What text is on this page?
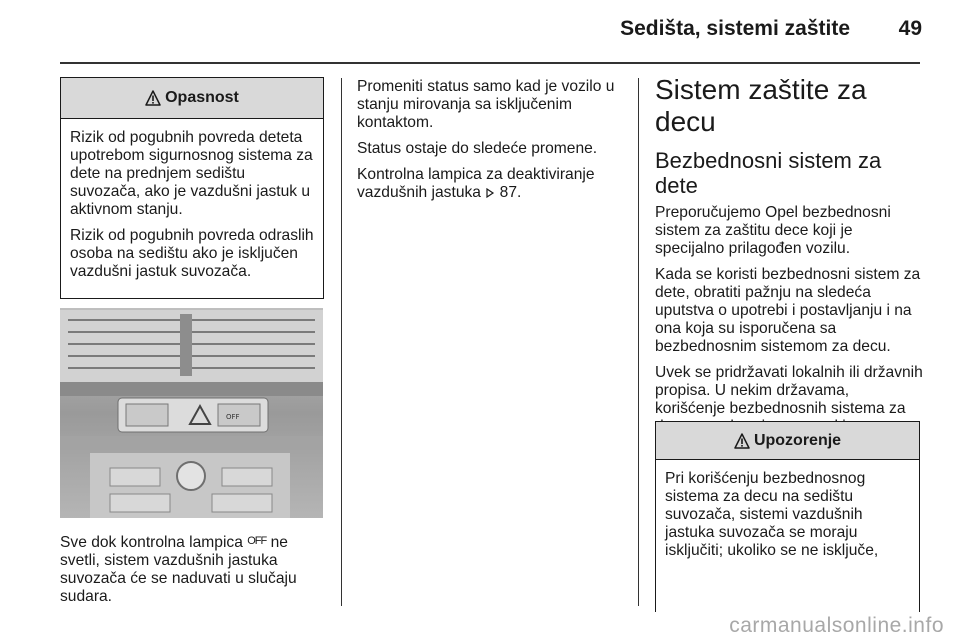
Sedišta, sistemi zaštite 49
Opasnost

Rizik od pogubnih povreda deteta upotrebom sigurnosnog sistema za dete na prednjem sedištu suvozača, ako je vazdušni jastuk u aktivnom stanju.

Rizik od pogubnih povreda odraslih osoba na sedištu ako je isključen vazdušni jastuk suvozača.

OFF

Sve dok kontrolna lampica OFF ne svetli, sistem vazdušnih jastuka suvozača će se naduvati u slučaju sudara.

Promeniti status samo kad je vozilo u stanju mirovanja sa isključenim kontaktom.

Status ostaje do sledeće promene.

Kontrolna lampica za deaktiviranje vazdušnih jastuka 87.

Sistem zaštite za decu
Bezbednosni sistem za dete

Preporučujemo Opel bezbednosni sistem za zaštitu dece koji je specijalno prilagođen vozilu.

Kada se koristi bezbednosni sistem za dete, obratiti pažnju na sledeća uputstva o upotrebi i postavljanju i na ona koja su isporučena sa bezbednosnim sistemom za decu.

Uvek se pridržavati lokalnih ili državnih propisa. U nekim državama, korišćenje bezbednosnih sistema za

Upozorenje

Pri korišćenju bezbednosnog sistema za decu na sedištu suvozača, sistemi vazdušnih jastuka suvozača se moraju isključiti; ukoliko se ne isključe,

carmanualsonline.info
